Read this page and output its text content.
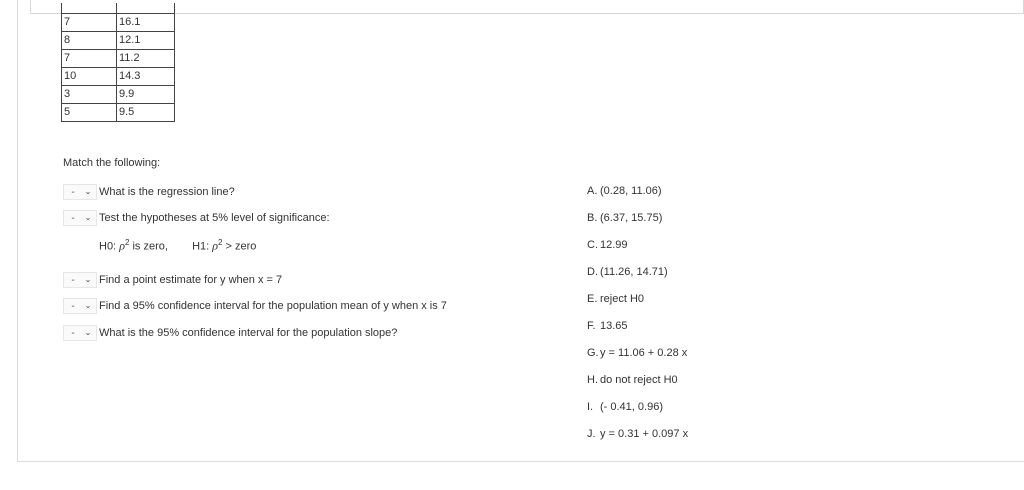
7	16.1
8	12.1
7	11.2
10	14.3
3	9.9
5	9.5
Match the following:
-	⌄ What is the regression line?
-	⌄ Test the hypotheses at 5% level of significance:
H0: $\rho^2$ is zero, H1: $\rho^2$ > zero
-	⌄ Find a point estimate for y when x = 7
-	⌄ Find a 95% confidence interval for the population mean of y when x is 7
-	⌄ What is the 95% confidence interval for the population slope?
A. (0.28, 11.06)
B. (6.37, 15.75)
C. 12.99
D. (11.26, 14.71)
E. reject H0
F. 13.65
G.y = 11.06 + 0.28 x
H. do not reject H0
I. (- 0.41, 0.96)
J. y = 0.31 + 0.097 x
